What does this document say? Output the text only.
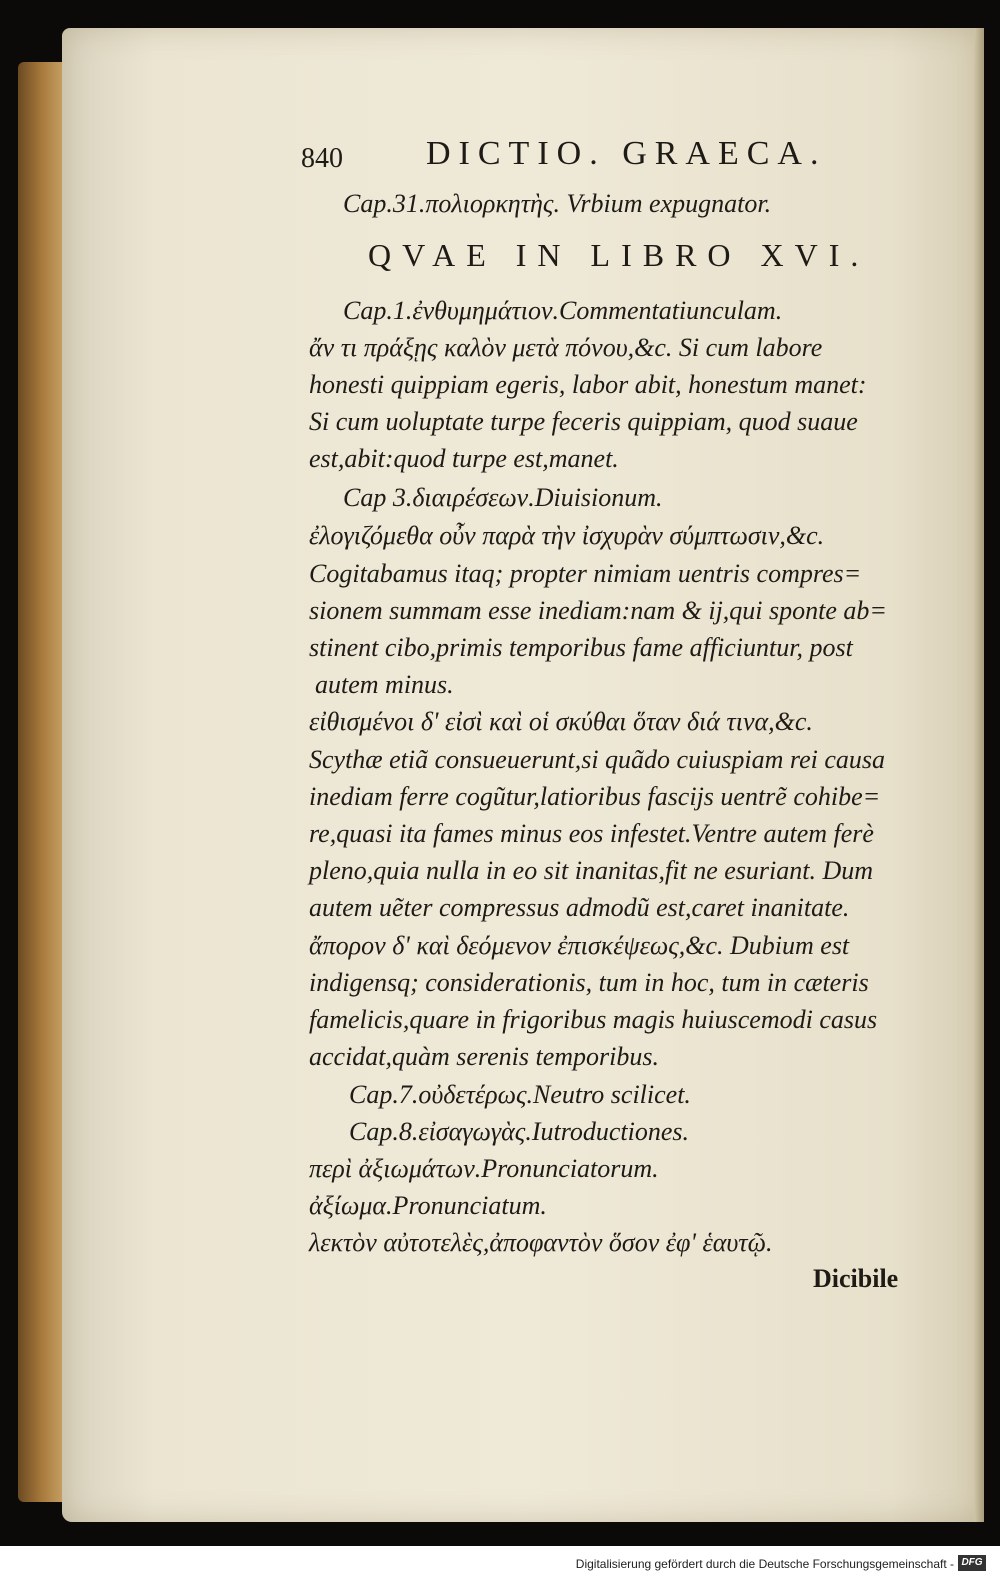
840 DICTIO. GRAECA.
Cap.31.πολιορκητὴς. Vrbium expugnator.
QVAE IN LIBRO XVI.
Cap.1.ἐνθυμημάτιον.Commentatiunculam.
ἄν τι πράξῃς καλὸν μετὰ πόνου,&c. Si cum labore
honesti quippiam egeris, labor abit, honestum manet:
Si cum uoluptate turpe feceris quippiam, quod suaue
est,abit:quod turpe est,manet.
Cap 3.διαιρέσεων.Diuisionum.
ἐλογιζόμεθα οὖν παρὰ τὴν ἰσχυρὰν σύμπτωσιν,&c.
Cogitabamus itaq; propter nimiam uentris compres=
sionem summam esse inediam:nam & ij,qui sponte ab=
stinent cibo,primis temporibus fame afficiuntur, post
autem minus.
εἰθισμένοι δ' εἰσὶ καὶ οἱ σκύθαι ὅταν διά τινα,&c.
Scythæ etiã consueuerunt,si quãdo cuiuspiam rei causa
inediam ferre cogũtur,latioribus fascijs uentrẽ cohibe=
re,quasi ita fames minus eos infestet.Ventre autem ferè
pleno,quia nulla in eo sit inanitas,fit ne esuriant. Dum
autem uẽter compressus admodũ est,caret inanitate.
ἄπορον δ' καὶ δεόμενον ἐπισκέψεως,&c. Dubium est
indigensq; considerationis, tum in hoc, tum in cæteris
famelicis,quare in frigoribus magis huiuscemodi casus
accidat,quàm serenis temporibus.
Cap.7.οὐδετέρως.Neutro scilicet.
Cap.8.εἰσαγωγὰς.Iutroductiones.
περὶ ἀξιωμάτων.Pronunciatorum.
ἀξίωμα.Pronunciatum.
λεκτὸν αὐτοτελὲς,ἀποφαντὸν ὅσον ἐφ' ἑαυτῷ.
Dicibile
Digitalisierung gefördert durch die Deutsche Forschungsgemeinschaft - DFG
